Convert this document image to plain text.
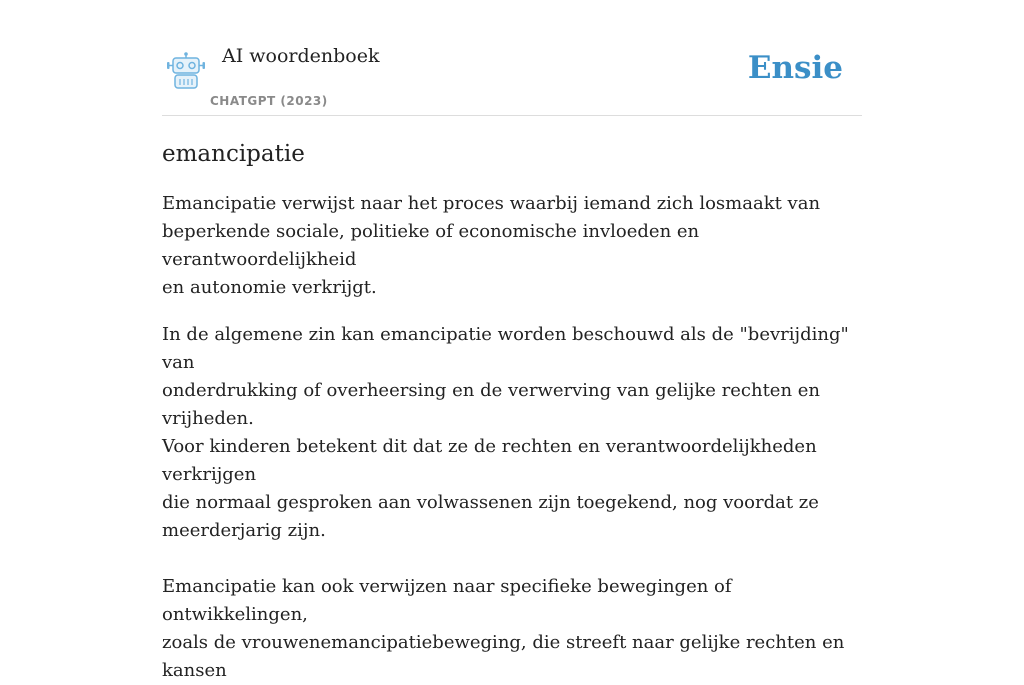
AI woordenboek
CHATGPT (2023)
Ensie
emancipatie

Emancipatie verwijst naar het proces waarbij iemand zich losmaakt van
beperkende sociale, politieke of economische invloeden en verantwoordelijkheid
en autonomie verkrijgt.

In de algemene zin kan emancipatie worden beschouwd als de "bevrijding" van
onderdrukking of overheersing en de verwerving van gelijke rechten en vrijheden.
Voor kinderen betekent dit dat ze de rechten en verantwoordelijkheden verkrijgen
die normaal gesproken aan volwassenen zijn toegekend, nog voordat ze
meerderjarig zijn.

Emancipatie kan ook verwijzen naar specifieke bewegingen of ontwikkelingen,
zoals de vrouwenemancipatiebeweging, die streeft naar gelijke rechten en kansen
